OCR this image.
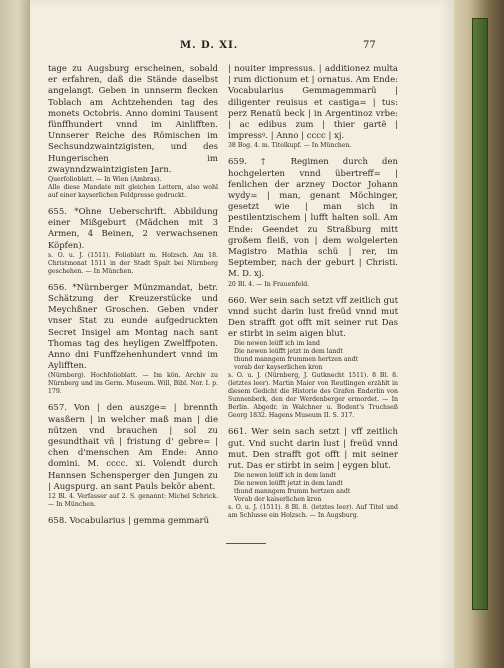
M. D. XI.	77

tage zu Augsburg erscheinen, sobald er erfahren, daß die Stände daselbst angelangt. Geben in unnserm flecken Toblach am Achtzehenden tag des monets Octobris. Anno domini Tausent fünffhundert vnnd im Ainlifften. Unnserer Reiche des Römischen im Sechsundzwaintzigisten, und des Hungerischen im zwaynndzwaintzigisten Jarn.

Querfolioblatt. — In Wien (Ambras).

Alle diese Mandate mit gleichen Lettern, also wohl auf einer kayserlichen Feldpresse gedruckt.

655. *Ohne Ueberschrift. Abbildung einer Mißgeburt (Mädchen mit 3 Armen, 4 Beinen, 2 verwachsenen Köpfen).

s. O. u. J. (1511). Folioblatt m. Holzsch. Am 18. Christmonat 1511 in der Stadt Spalt bei Nürnberg geschehen. — In München.

656. *Nürnberger Münzmandat, betr. Schätzung der Kreuzerstücke und Meychßner Groschen. Geben vnder vnser Stat zu eunde aufgedruckten Secret Insigel am Montag nach sant Thomas tag des heyligen Zwelffpoten. Anno dni Funffzehenhundert vnnd im Aylifften.

(Nürnberg). Hochfolioblatt. — Im kön. Archiv zu Nürnberg und im Germ. Museum. Will, Bibl. Nor. I. p. 179.

657. Von | den auszge= | brennth wasßern | in welcher maß man | die nützen vnd brauchen | sol zu gesundthait vñ | fristung d' gebre= | chen d'menschen Am Ende: Anno domini. M. cccc. xi. Volendt durch Hannsen Schensperger den Jungen zu | Augspurg. an sant Pauls bekör abent.

12 Bl. 4. Verfasser auf 2. S. genannt: Michel Schrick. — In München.

658. Vocabularius | gemma gemmarũ

| nouiter impressus. | additionez multa | rum dictionum et | ornatus. Am Ende: Vocabularius Gemmagemmarũ | diligenter reuisus et castiga= | tus: perz Renatũ beck | in Argentinoz vrbe: | ac edibus zum | thier gartẽ | impressꝰ. | Anno | cccc | xj.

38 Bog. 4. m. Titelkupf. — In München.

659. † Regimen durch den hochgelerten vnnd übertreff= | fenlichen der arzney Doctor Johann wydy= | man, genant Möchinger, gesetzt wie | man sich in pestilentzischem | lufft halten soll. Am Ende: Geendet zu Straßburg mitt großem fleiß, von | dem wolgelerten Magistro Mathia schü | rer, im September, nach der geburt | Christi. M. D. xj.

20 Bl. 4. — In Frauenfeld.

660. Wer sein sach setzt vff zeitlich gut vnnd sucht darin lust freüd vnnd mut Den strafft got offt mit seiner rut Das er stirbt in seim aigen blut.

Die newen leüff ich im land

Die newen leüfft jetzt in dem landt

thund manngem frummen hertzen andt

vorab der kayserlichen kron

s. O. u. J. (Nürnberg, J. Gutknecht 1511). 8 Bl. 8. (letztes leer). Martin Maier von Reutlingen erzählt in diesem Gedicht die Historie des Grafen Enderlin von Sunnenberk, den der Werdenberger ermordet. — In Berlin. Abgedr. in Walchner u. Bodent's Truchseß Georg 1832. Hagens Museum II. S. 317.

661. Wer sein sach setzt | vff zeitlich gut. Vnd sucht darin lust | freüd vnnd mut. Den strafft got offt | mit seiner rut. Das er stirbt in seim | eygen blut.

Die newen leüff ich in dem landt

Die newen leüfft jetzt in dem landt

thund manngem frumm hertzen andt

Vorab der kaiserlichen kron

s. O. u. J. (1511). 8 Bl. 8. (letztes leer). Auf Titel und am Schlusse ein Holzsch. — In Augsburg.
